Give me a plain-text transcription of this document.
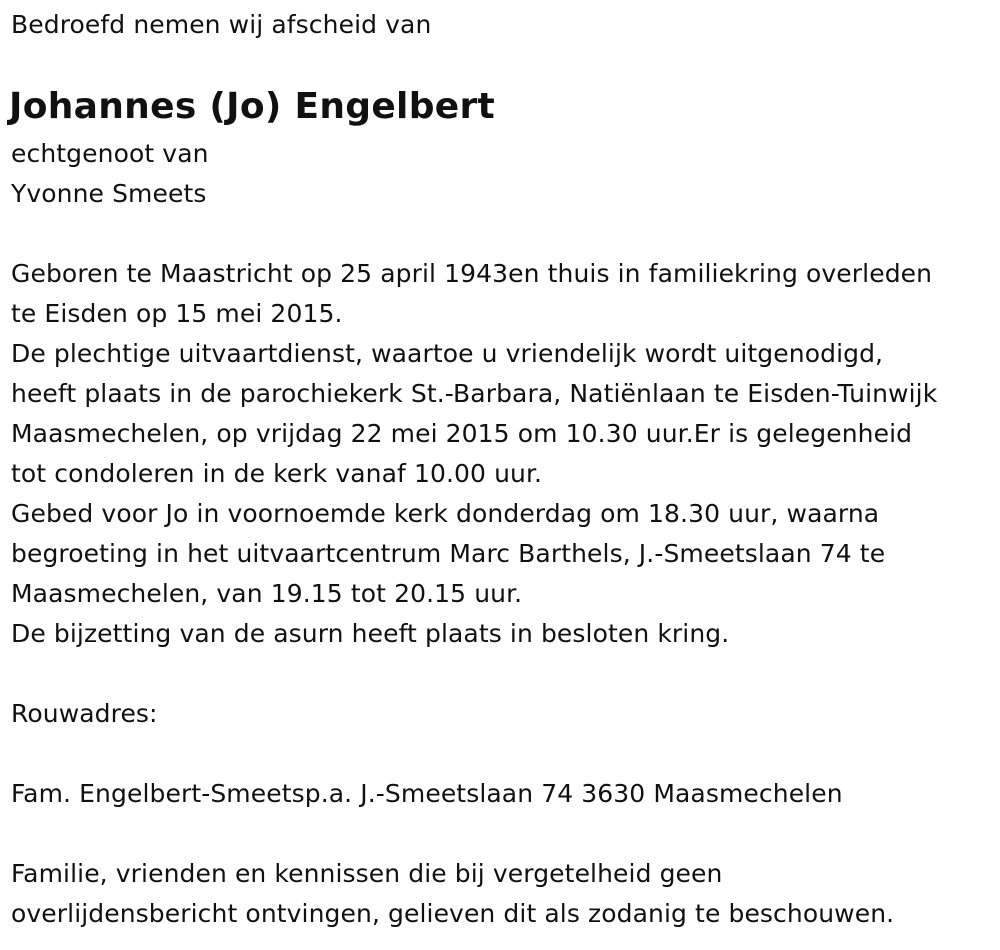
Bedroefd nemen wij afscheid van
Johannes (Jo) Engelbert
echtgenoot van
Yvonne Smeets
Geboren te Maastricht op 25 april 1943en thuis in familiekring overleden
te Eisden op 15 mei 2015.
De plechtige uitvaartdienst, waartoe u vriendelijk wordt uitgenodigd,
heeft plaats in de parochiekerk St.-Barbara, Natiënlaan te Eisden-Tuinwijk
Maasmechelen, op vrijdag 22 mei 2015 om 10.30 uur.Er is gelegenheid
tot condoleren in de kerk vanaf 10.00 uur.
Gebed voor Jo in voornoemde kerk donderdag om 18.30 uur, waarna
begroeting in het uitvaartcentrum Marc Barthels, J.-Smeetslaan 74 te
Maasmechelen, van 19.15 tot 20.15 uur.
De bijzetting van de asurn heeft plaats in besloten kring.
Rouwadres:
Fam. Engelbert-Smeetsp.a. J.-Smeetslaan 74 3630 Maasmechelen
Familie, vrienden en kennissen die bij vergetelheid geen
overlijdensbericht ontvingen, gelieven dit als zodanig te beschouwen.
